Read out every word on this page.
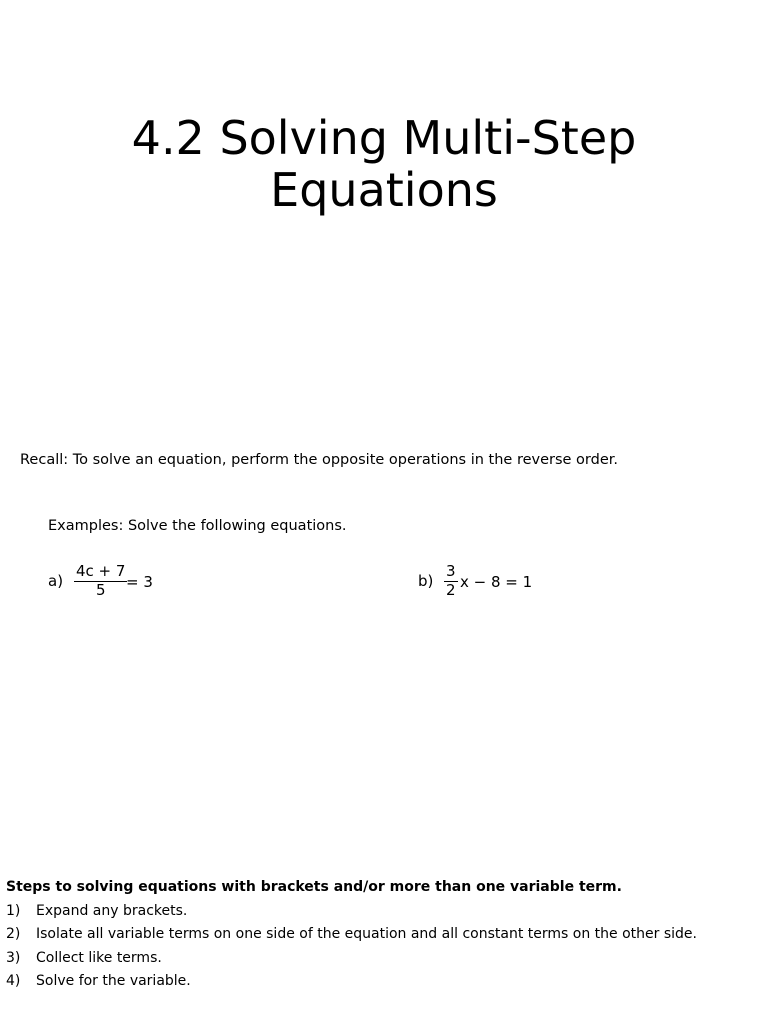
4.2 Solving Multi-Step
Equations
Recall: To solve an equation, perform the opposite operations in the reverse order.
Examples: Solve the following equations.
a)
4c + 7
5 = 3	b)
3
2 x − 8 = 1
Steps to solving equations with brackets and/or more than one variable term.
1)	Expand any brackets.
2)	Isolate all variable terms on one side of the equation and all constant terms on the other side.
3)	Collect like terms.
4)	Solve for the variable.
